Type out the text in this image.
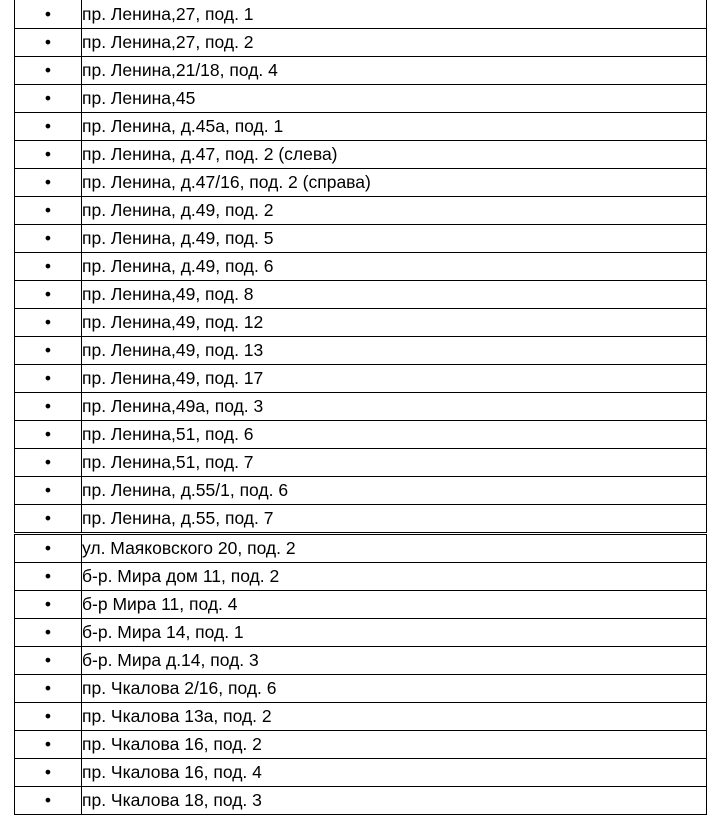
•	пр. Ленина,27, под. 1
•	пр. Ленина,27, под. 2
•	пр. Ленина,21/18, под. 4
•	пр. Ленина,45
•	пр. Ленина, д.45а, под. 1
•	пр. Ленина, д.47, под. 2 (слева)
•	пр. Ленина, д.47/16, под. 2 (справа)
•	пр. Ленина, д.49, под. 2
•	пр. Ленина, д.49, под. 5
•	пр. Ленина, д.49, под. 6
•	пр. Ленина,49, под. 8
•	пр. Ленина,49, под. 12
•	пр. Ленина,49, под. 13
•	пр. Ленина,49, под. 17
•	пр. Ленина,49а, под. 3
•	пр. Ленина,51, под. 6
•	пр. Ленина,51, под. 7
•	пр. Ленина, д.55/1, под. 6
•	пр. Ленина, д.55, под. 7
•	ул. Маяковского 20, под. 2
•	б-р. Мира дом 11, под. 2
•	б-р Мира 11, под. 4
•	б-р. Мира 14, под. 1
•	б-р. Мира д.14, под. 3
•	пр. Чкалова 2/16, под. 6
•	пр. Чкалова 13а, под. 2
•	пр. Чкалова 16, под. 2
•	пр. Чкалова 16, под. 4
•	пр. Чкалова 18, под. 3
